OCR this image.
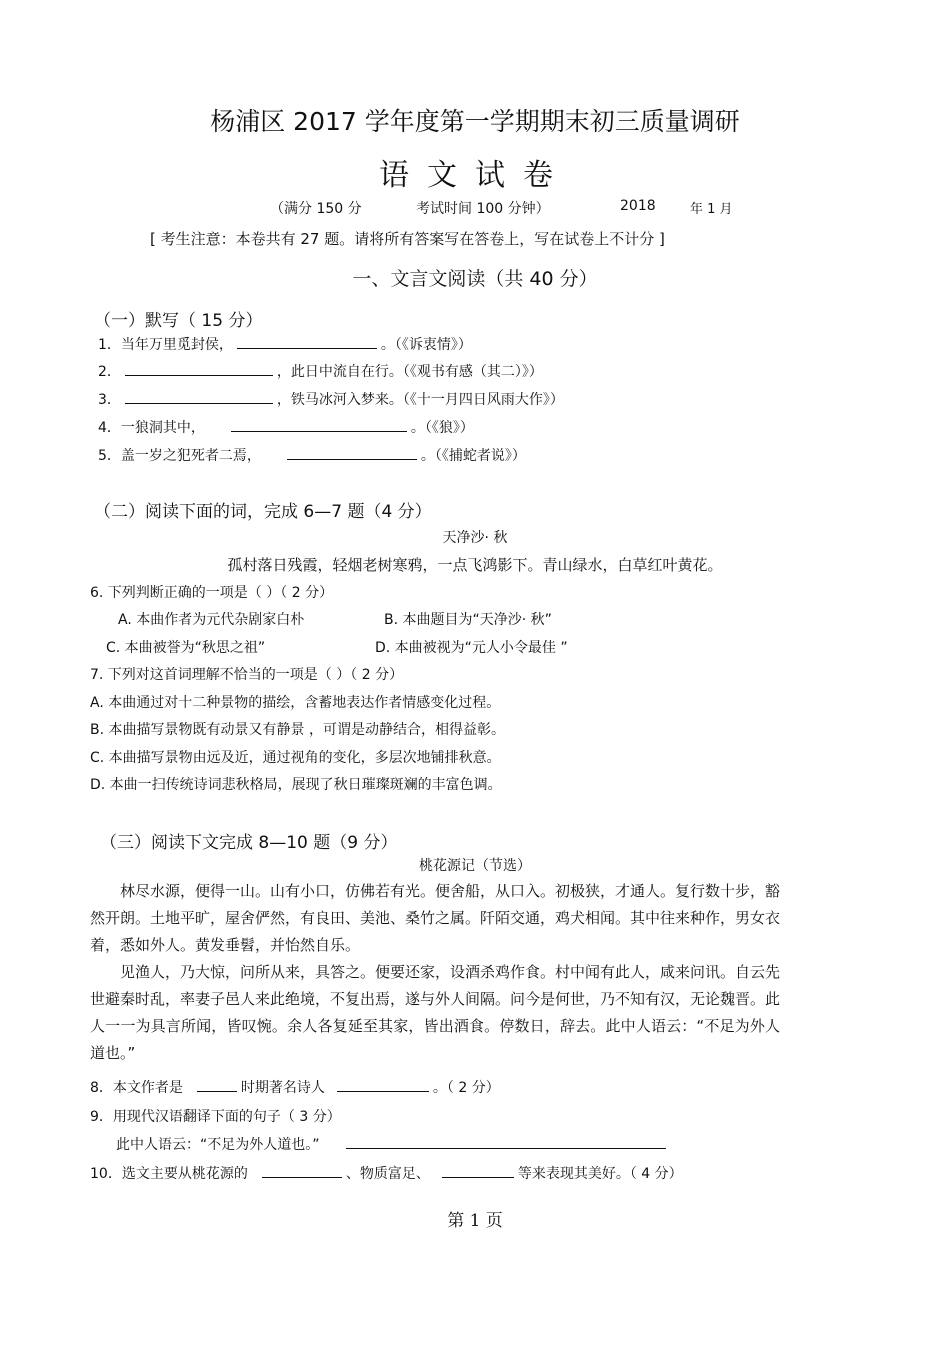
杨浦区 2017 学年度第一学期期末初三质量调研
语文试卷
（满分 150 分	考试时间 100 分钟）	2018	年 1 月
[ 考生注意：本卷共有 27 题。请将所有答案写在答卷上，写在试卷上不计分 ]
一、文言文阅读（共 40 分）
（一）默写（ 15 分）
1．当年万里觅封侯，	。（《诉衷情》）
2．	，此日中流自在行。（《观书有感（其二）》）
3．	，铁马冰河入梦来。（《十一月四日风雨大作》）
4．一狼洞其中，	。（《狼》）
5．盖一岁之犯死者二焉，	。（《捕蛇者说》）
（二）阅读下面的词，完成 6—7 题（4 分）
天净沙· 秋
孤村落日残霞，轻烟老树寒鸦，一点飞鸿影下。青山绿水，白草红叶黄花。
6. 下列判断正确的一项是（ ）（ 2 分）
A. 本曲作者为元代杂剧家白朴	B. 本曲题目为“天净沙· 秋”
C. 本曲被誉为“秋思之祖”	D. 本曲被视为“元人小令最佳 ”
7. 下列对这首词理解不恰当的一项是（ ）（ 2 分）
A. 本曲通过对十二种景物的描绘，含蓄地表达作者情感变化过程。
B. 本曲描写景物既有动景又有静景 ，可谓是动静结合，相得益彰。
C. 本曲描写景物由远及近，通过视角的变化，多层次地铺排秋意。
D. 本曲一扫传统诗词悲秋格局，展现了秋日璀璨斑斓的丰富色调。
（三）阅读下文完成 8—10 题（9 分）
桃花源记（节选）

林尽水源，便得一山。山有小口，仿佛若有光。便舍船，从口入。初极狭，才通人。复行数十步，豁然开朗。土地平旷，屋舍俨然，有良田、美池、桑竹之属。阡陌交通，鸡犬相闻。其中往来种作，男女衣着，悉如外人。黄发垂髫，并怡然自乐。

见渔人，乃大惊，问所从来，具答之。便要还家，设酒杀鸡作食。村中闻有此人，咸来问讯。自云先世避秦时乱，率妻子邑人来此绝境，不复出焉，遂与外人间隔。问今是何世，乃不知有汉，无论魏晋。此人一一为具言所闻，皆叹惋。余人各复延至其家，皆出酒食。停数日，辞去。此中人语云：“不足为外人道也。”

8．本文作者是	时期著名诗人	。（ 2 分）
9．用现代汉语翻译下面的句子（ 3 分）
此中人语云：“不足为外人道也。”
10．选文主要从桃花源的	、物质富足、	等来表现其美好。（ 4 分）
第 1 页
